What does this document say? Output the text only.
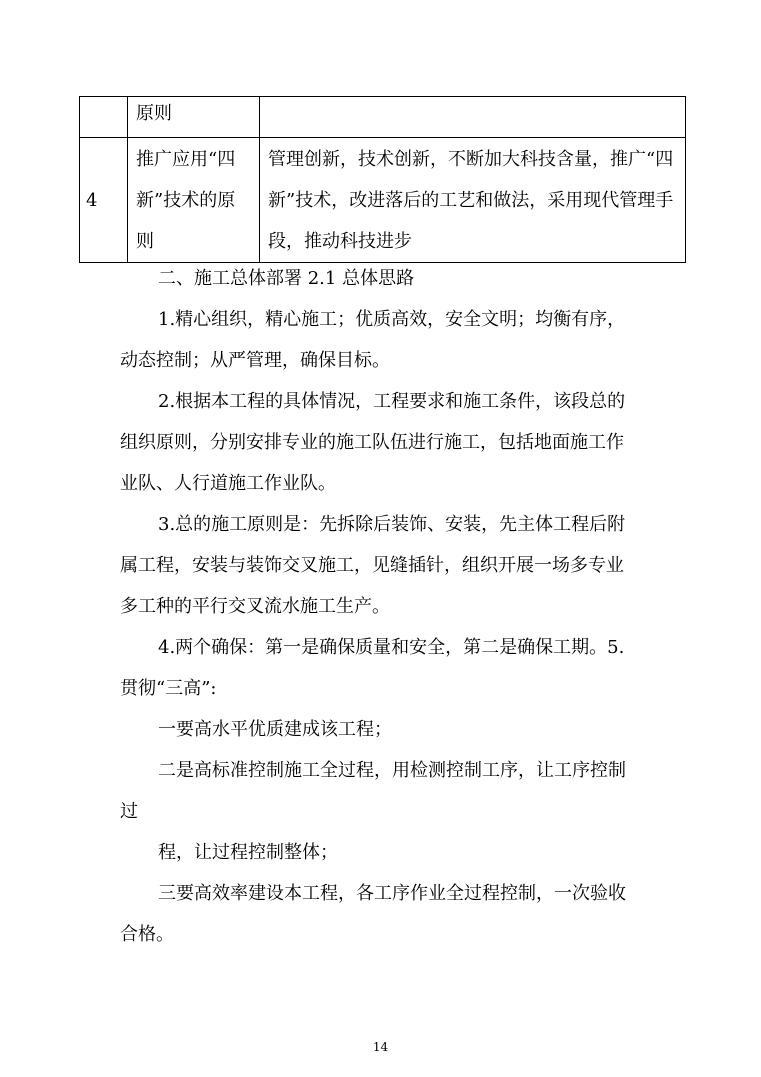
	原则	

4	推广应用“四新”技术的原则	管理创新，技术创新，不断加大科技含量，推广“四新”技术，改进落后的工艺和做法，采用现代管理手段，推动科技进步

二、施工总体部署 2.1 总体思路

1.精心组织，精心施工；优质高效，安全文明；均衡有序，动态控制；从严管理，确保目标。

2.根据本工程的具体情况，工程要求和施工条件，该段总的组织原则，分别安排专业的施工队伍进行施工，包括地面施工作业队、人行道施工作业队。

3.总的施工原则是：先拆除后装饰、安装，先主体工程后附属工程，安装与装饰交叉施工，见缝插针，组织开展一场多专业多工种的平行交叉流水施工生产。

4.两个确保：第一是确保质量和安全，第二是确保工期。5.贯彻“三高”:

一要高水平优质建成该工程；

二是高标准控制施工全过程，用检测控制工序，让工序控制过

程，让过程控制整体；

三要高效率建设本工程，各工序作业全过程控制，一次验收合格。

14
